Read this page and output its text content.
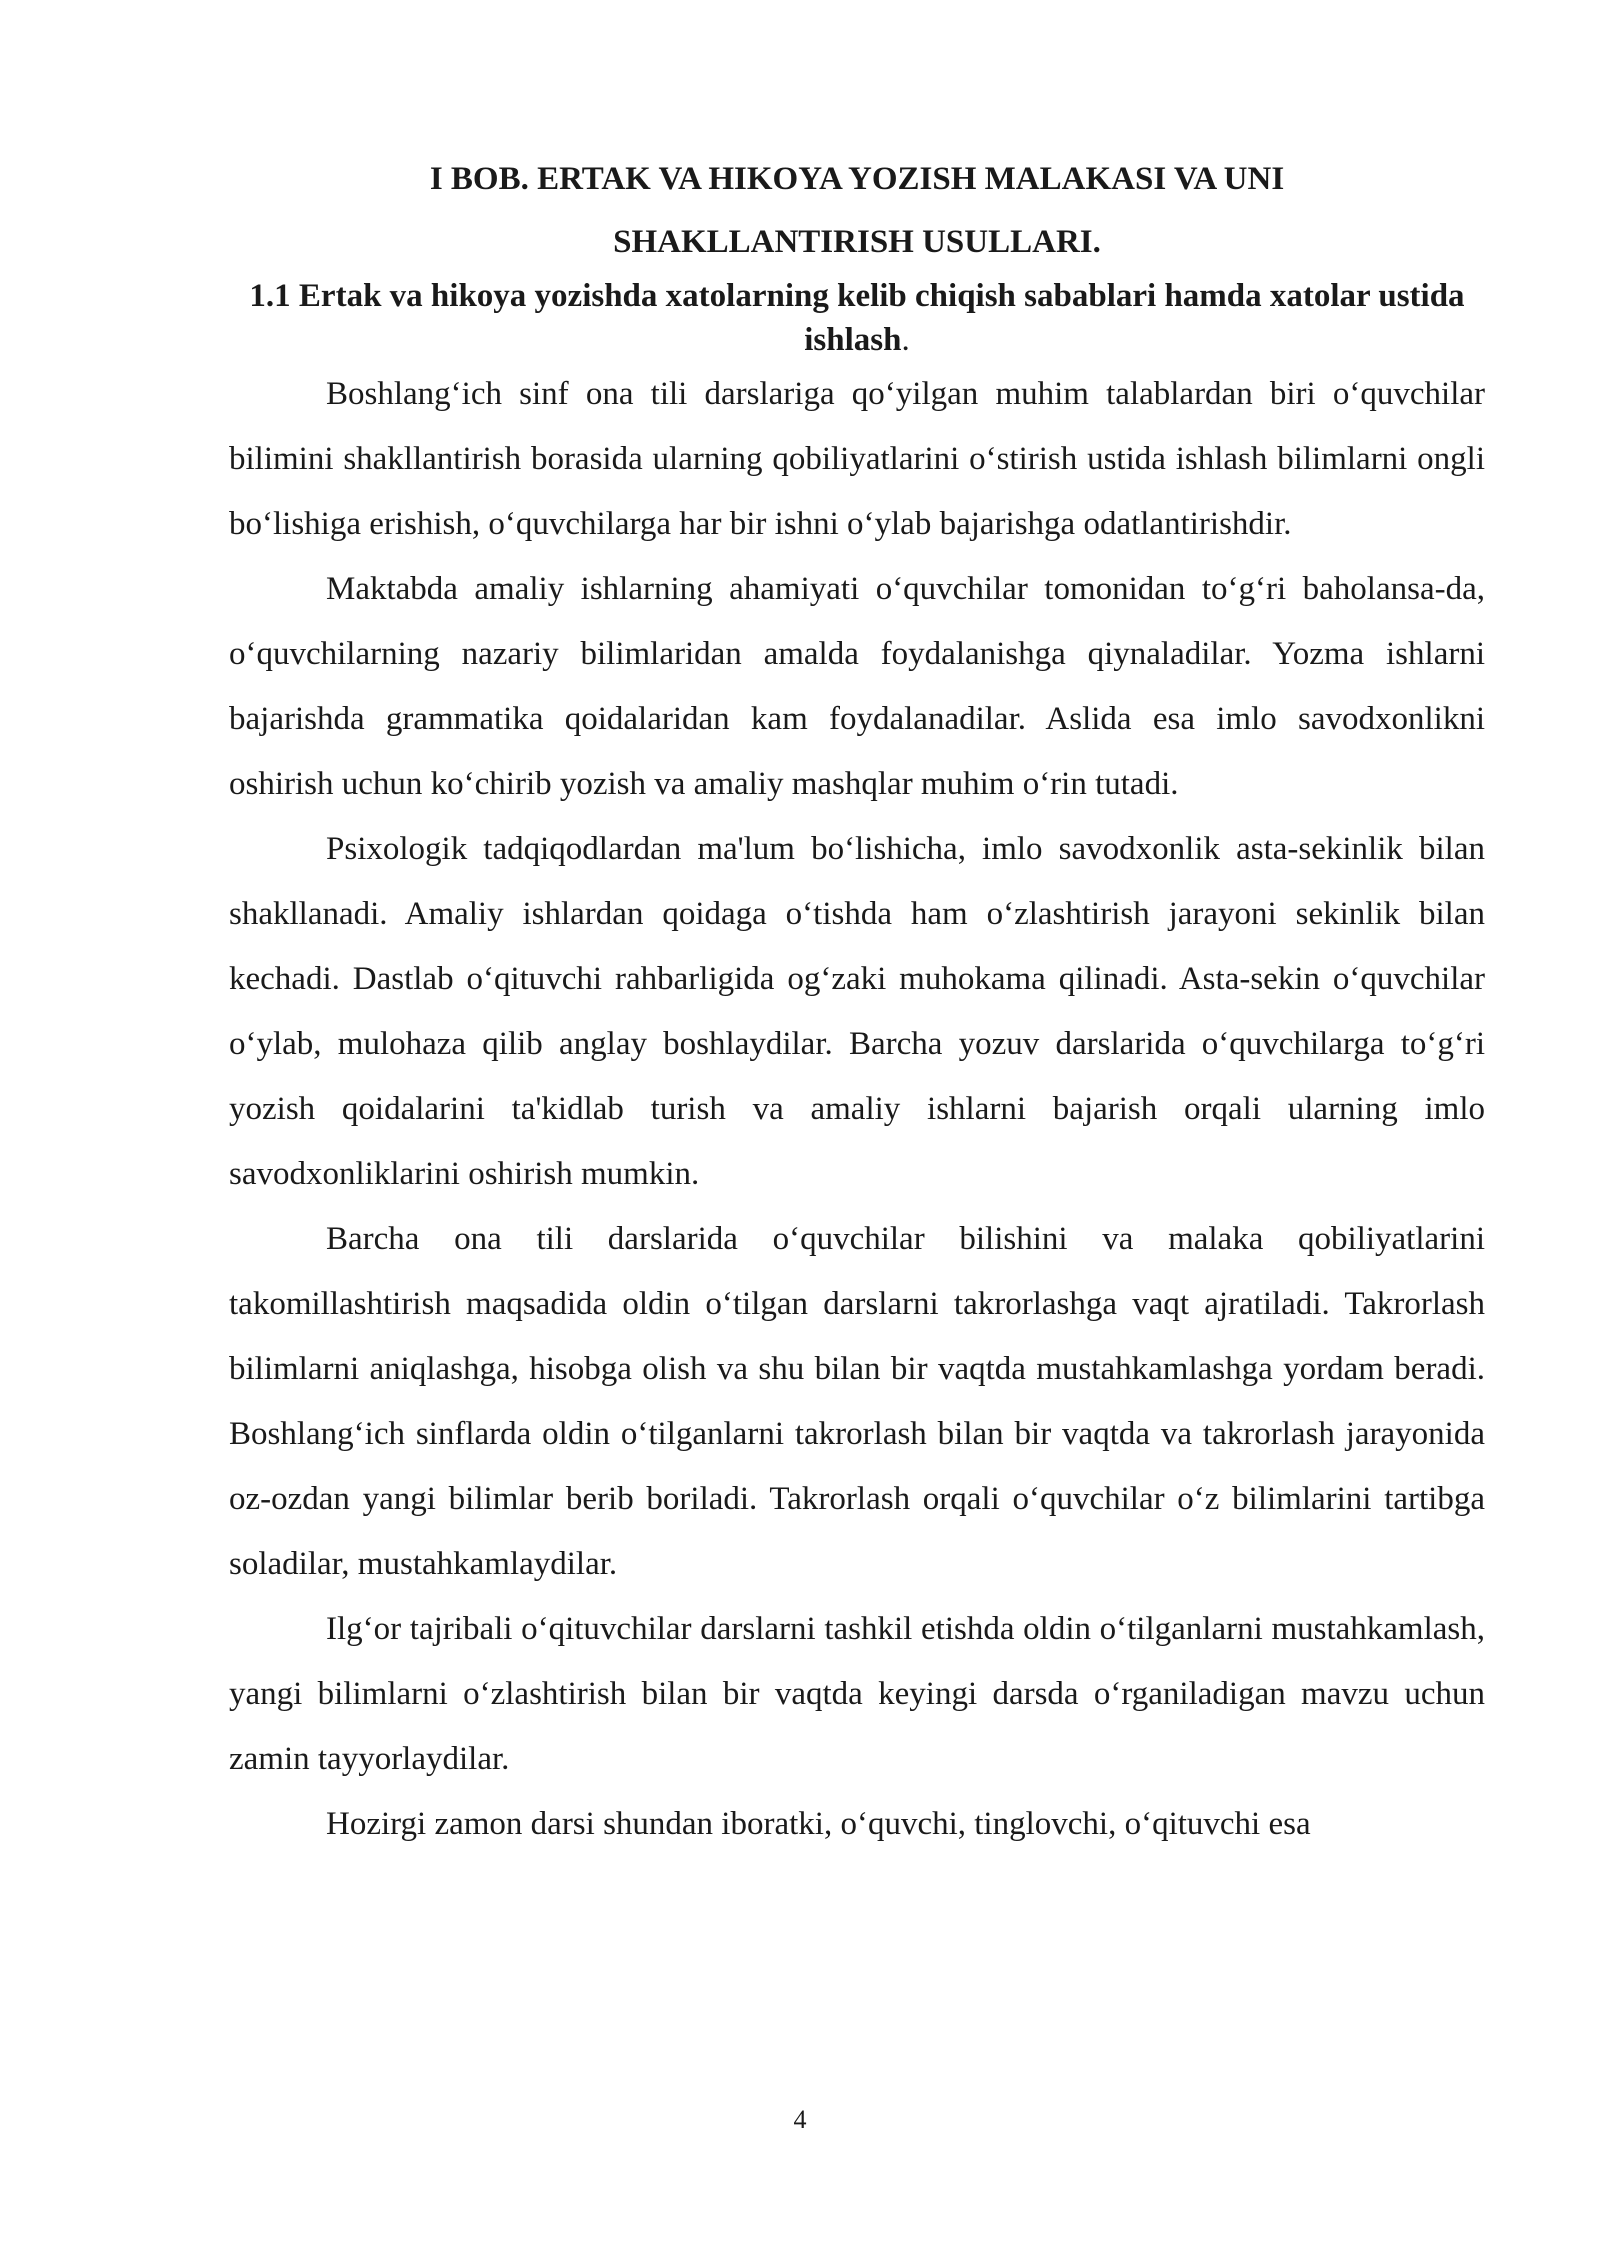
I BOB. ERTAK VA HIKOYA YOZISH MALAKASI VA UNI
SHAKLLANTIRISH USULLARI.
1.1 Ertak va hikoya yozishda xatolarning kelib chiqish sabablari hamda xatolar ustida ishlash.

Boshlang‘ich sinf ona tili darslariga qo‘yilgan muhim talablardan biri o‘quvchilar bilimini shakllantirish borasida ularning qobiliyatlarini o‘stirish ustida ishlash bilimlarni ongli bo‘lishiga erishish, o‘quvchilarga har bir ishni o‘ylab bajarishga odatlantirishdir.

Maktabda amaliy ishlarning ahamiyati o‘quvchilar tomonidan to‘g‘ri baholansa-da, o‘quvchilarning nazariy bilimlaridan amalda foydalanishga qiynaladilar. Yozma ishlarni bajarishda grammatika qoidalaridan kam foydalanadilar. Aslida esa imlo savodxonlikni oshirish uchun ko‘chirib yozish va amaliy mashqlar muhim o‘rin tutadi.

Psixologik tadqiqodlardan ma'lum bo‘lishicha, imlo savodxonlik asta-sekinlik bilan shakllanadi. Amaliy ishlardan qoidaga o‘tishda ham o‘zlashtirish jarayoni sekinlik bilan kechadi. Dastlab o‘qituvchi rahbarligida og‘zaki muhokama qilinadi. Asta-sekin o‘quvchilar o‘ylab, mulohaza qilib anglay boshlaydilar. Barcha yozuv darslarida o‘quvchilarga to‘g‘ri yozish qoidalarini ta'kidlab turish va amaliy ishlarni bajarish orqali ularning imlo savodxonliklarini oshirish mumkin.

Barcha ona tili darslarida o‘quvchilar bilishini va malaka qobiliyatlarini takomillashtirish maqsadida oldin o‘tilgan darslarni takrorlashga vaqt ajratiladi. Takrorlash bilimlarni aniqlashga, hisobga olish va shu bilan bir vaqtda mustahkamlashga yordam beradi. Boshlang‘ich sinflarda oldin o‘tilganlarni takrorlash bilan bir vaqtda va takrorlash jarayonida oz-ozdan yangi bilimlar berib boriladi. Takrorlash orqali o‘quvchilar o‘z bilimlarini tartibga soladilar, mustahkamlaydilar.

Ilg‘or tajribali o‘qituvchilar darslarni tashkil etishda oldin o‘tilganlarni mustahkamlash, yangi bilimlarni o‘zlashtirish bilan bir vaqtda keyingi darsda o‘rganiladigan mavzu uchun zamin tayyorlaydilar.

Hozirgi zamon darsi shundan iboratki, o‘quvchi, tinglovchi, o‘qituvchi esa

4
